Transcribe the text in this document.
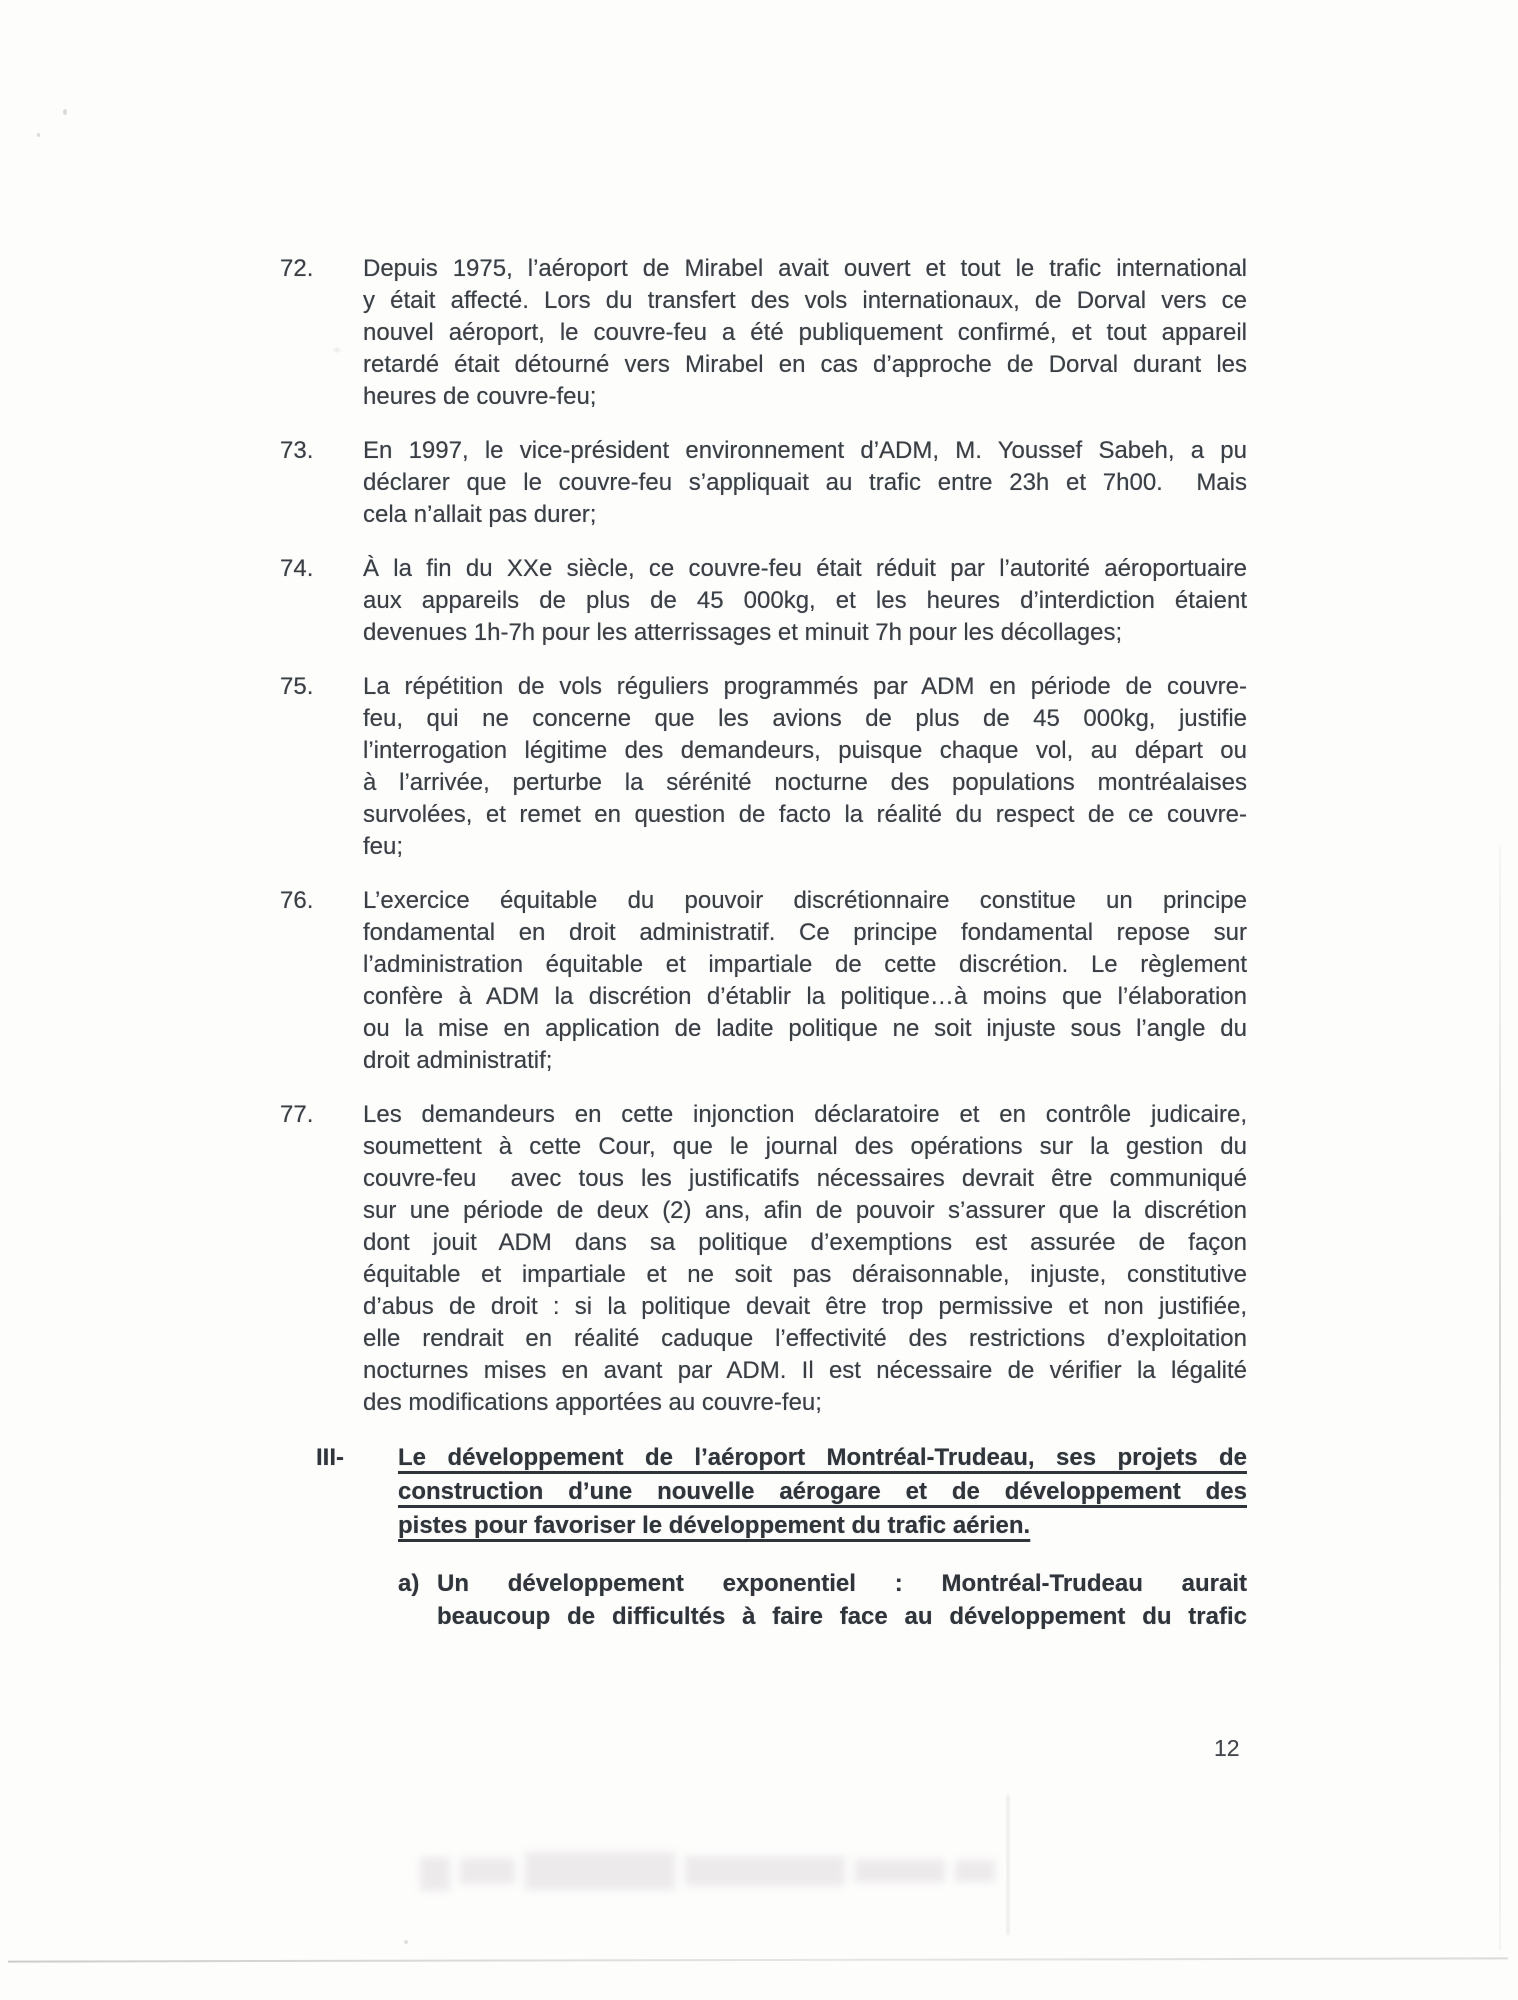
72.	Depuis 1975, l’aéroport de Mirabel avait ouvert et tout le trafic international
y était affecté. Lors du transfert des vols internationaux, de Dorval vers ce
nouvel aéroport, le couvre-feu a été publiquement confirmé, et tout appareil
retardé était détourné vers Mirabel en cas d’approche de Dorval durant les
heures de couvre-feu;
73.	En 1997, le vice-président environnement d’ADM, M. Youssef Sabeh, a pu
déclarer que le couvre-feu s’appliquait au trafic entre 23h et 7h00.  Mais
cela n’allait pas durer;
74.	À la fin du XXe siècle, ce couvre-feu était réduit par l’autorité aéroportuaire
aux appareils de plus de 45 000kg, et les heures d’interdiction étaient
devenues 1h-7h pour les atterrissages et minuit 7h pour les décollages;
75.	La répétition de vols réguliers programmés par ADM en période de couvre-
feu, qui ne concerne que les avions de plus de 45 000kg, justifie
l’interrogation légitime des demandeurs, puisque chaque vol, au départ ou
à l’arrivée, perturbe la sérénité nocturne des populations montréalaises
survolées, et remet en question de facto la réalité du respect de ce couvre-
feu;
76.	L’exercice équitable du pouvoir discrétionnaire constitue un principe
fondamental en droit administratif. Ce principe fondamental repose sur
l’administration équitable et impartiale de cette discrétion. Le règlement
confère à ADM la discrétion d’établir la politique…à moins que l’élaboration
ou la mise en application de ladite politique ne soit injuste sous l’angle du
droit administratif;
77.	Les demandeurs en cette injonction déclaratoire et en contrôle judicaire,
soumettent à cette Cour, que le journal des opérations sur la gestion du
couvre-feu  avec tous les justificatifs nécessaires devrait être communiqué
sur une période de deux (2) ans, afin de pouvoir s’assurer que la discrétion
dont jouit ADM dans sa politique d’exemptions est assurée de façon
équitable et impartiale et ne soit pas déraisonnable, injuste, constitutive
d’abus de droit : si la politique devait être trop permissive et non justifiée,
elle rendrait en réalité caduque l’effectivité des restrictions d’exploitation
nocturnes mises en avant par ADM. Il est nécessaire de vérifier la légalité
des modifications apportées au couvre-feu;
III-	Le développement de l’aéroport Montréal-Trudeau, ses projets de
construction d’une nouvelle aérogare et de développement des
pistes pour favoriser le développement du trafic aérien.
a) Un développement exponentiel : Montréal-Trudeau aurait
beaucoup de difficultés à faire face au développement du trafic
12
